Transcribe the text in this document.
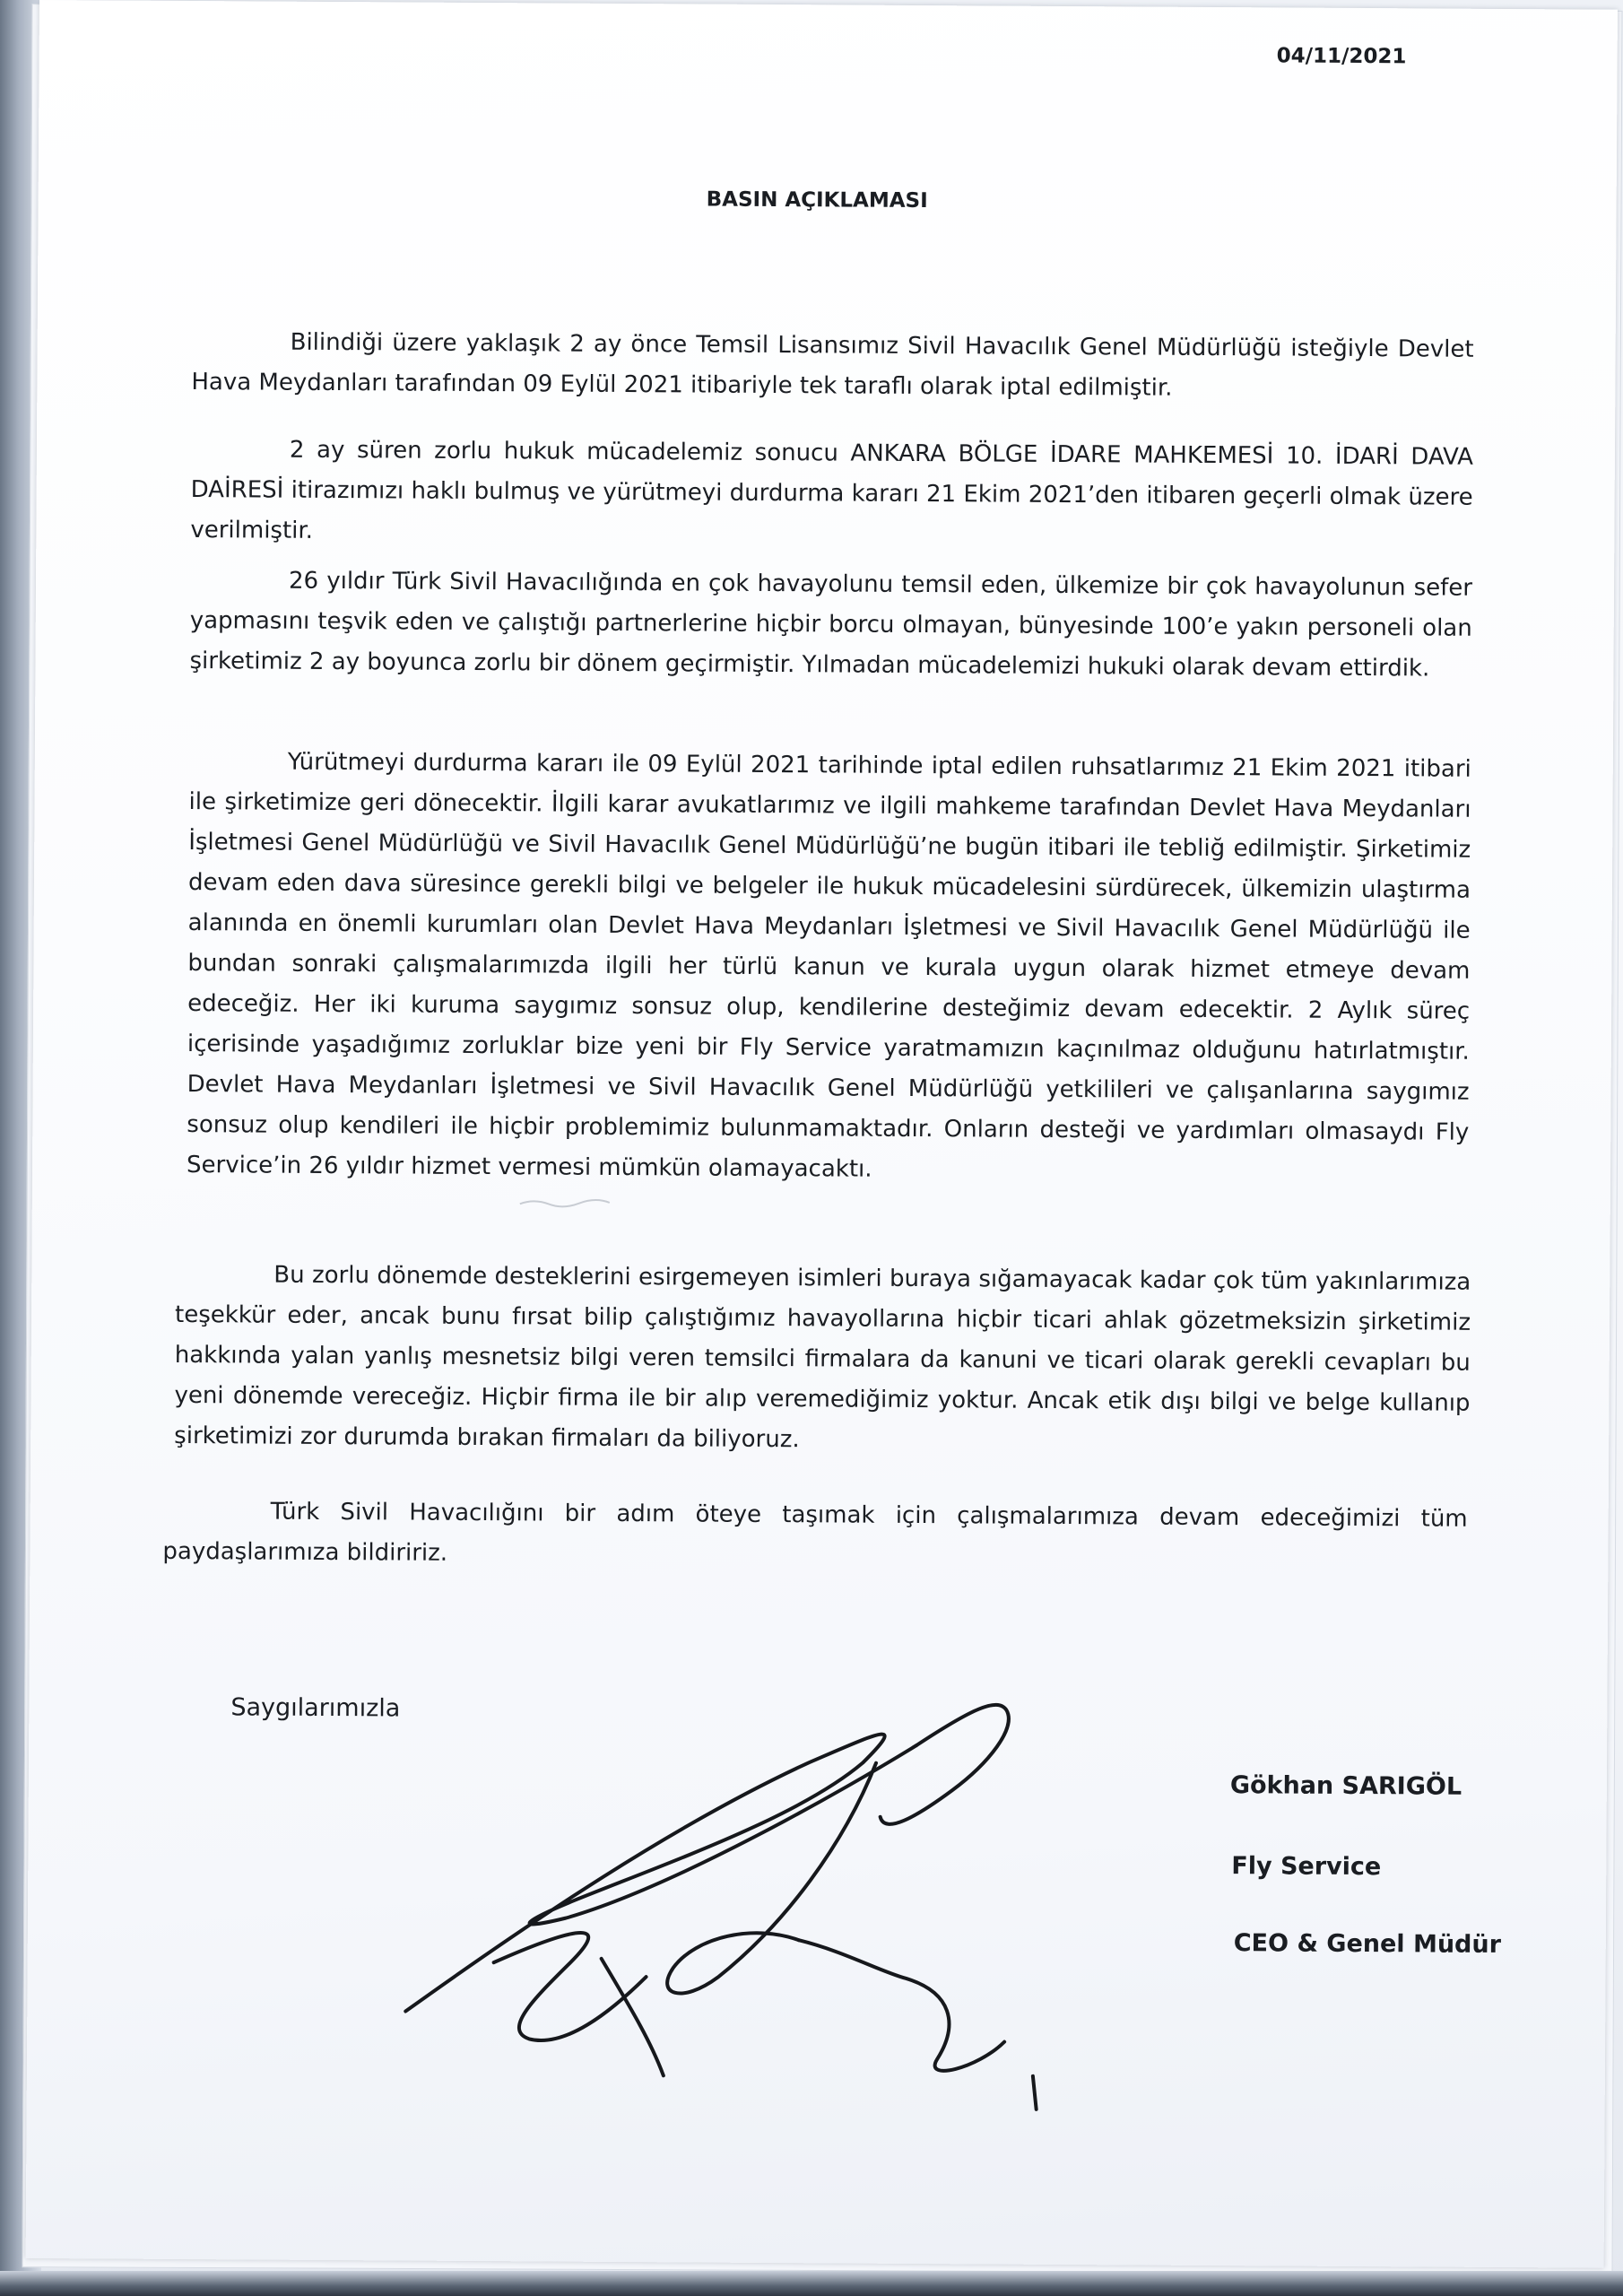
04/11/2021
BASIN AÇIKLAMASI
Bilindiği üzere yaklaşık 2 ay önce Temsil Lisansımız Sivil Havacılık Genel Müdürlüğü isteğiyle Devlet Hava Meydanları tarafından 09 Eylül 2021 itibariyle tek taraflı olarak iptal edilmiştir.
2 ay süren zorlu hukuk mücadelemiz sonucu ANKARA BÖLGE İDARE MAHKEMESİ 10. İDARİ DAVA DAİRESİ itirazımızı haklı bulmuş ve yürütmeyi durdurma kararı 21 Ekim 2021’den itibaren geçerli olmak üzere verilmiştir.
26 yıldır Türk Sivil Havacılığında en çok havayolunu temsil eden, ülkemize bir çok havayolunun sefer yapmasını teşvik eden ve çalıştığı partnerlerine hiçbir borcu olmayan, bünyesinde 100’e yakın personeli olan şirketimiz 2 ay boyunca zorlu bir dönem geçirmiştir. Yılmadan mücadelemizi hukuki olarak devam ettirdik.
Yürütmeyi durdurma kararı ile 09 Eylül 2021 tarihinde iptal edilen ruhsatlarımız 21 Ekim 2021 itibari ile şirketimize geri dönecektir. İlgili karar avukatlarımız ve ilgili mahkeme tarafından Devlet Hava Meydanları İşletmesi Genel Müdürlüğü ve Sivil Havacılık Genel Müdürlüğü’ne bugün itibari ile tebliğ edilmiştir. Şirketimiz devam eden dava süresince gerekli bilgi ve belgeler ile hukuk mücadelesini sürdürecek, ülkemizin ulaştırma alanında en önemli kurumları olan Devlet Hava Meydanları İşletmesi ve Sivil Havacılık Genel Müdürlüğü ile bundan sonraki çalışmalarımızda ilgili her türlü kanun ve kurala uygun olarak hizmet etmeye devam edeceğiz. Her iki kuruma saygımız sonsuz olup, kendilerine desteğimiz devam edecektir. 2 Aylık süreç içerisinde yaşadığımız zorluklar bize yeni bir Fly Service yaratmamızın kaçınılmaz olduğunu hatırlatmıştır. Devlet Hava Meydanları İşletmesi ve Sivil Havacılık Genel Müdürlüğü yetkilileri ve çalışanlarına saygımız sonsuz olup kendileri ile hiçbir problemimiz bulunmamaktadır. Onların desteği ve yardımları olmasaydı Fly Service’in 26 yıldır hizmet vermesi mümkün olamayacaktı.
Bu zorlu dönemde desteklerini esirgemeyen isimleri buraya sığamayacak kadar çok tüm yakınlarımıza teşekkür eder, ancak bunu fırsat bilip çalıştığımız havayollarına hiçbir ticari ahlak gözetmeksizin şirketimiz hakkında yalan yanlış mesnetsiz bilgi veren temsilci firmalara da kanuni ve ticari olarak gerekli cevapları bu yeni dönemde vereceğiz. Hiçbir firma ile bir alıp veremediğimiz yoktur. Ancak etik dışı bilgi ve belge kullanıp şirketimizi zor durumda bırakan firmaları da biliyoruz.
Türk Sivil Havacılığını bir adım öteye taşımak için çalışmalarımıza devam edeceğimizi tüm paydaşlarımıza bildiririz.
Saygılarımızla
Gökhan SARIGÖL
Fly Service
CEO & Genel Müdür
